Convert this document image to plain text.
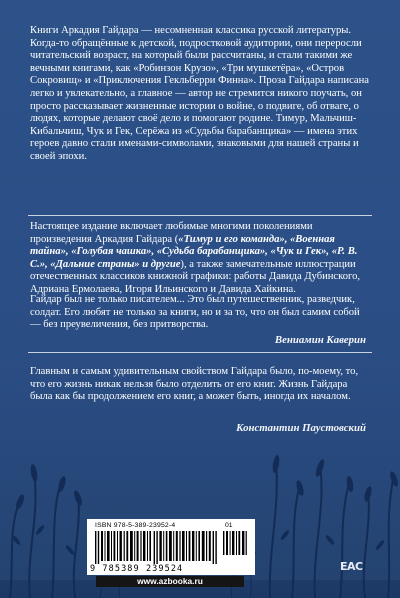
Книги Аркадия Гайдара — несомненная классика русской литературы. Когда-то обращённые к детской, подростковой аудитории, они переросли читательский возраст, на который были рассчитаны, и стали такими же вечными книгами, как «Робинзон Крузо», «Три мушкетёра», «Остров Сокровищ» и «Приключения Гекльберри Финна». Проза Гайдара написана легко и увлекательно, а главное — автор не стремится никого поучать, он просто рассказывает жизненные истории о войне, о подвиге, об отваге, о людях, которые делают своё дело и помогают родине. Тимур, Мальчиш-Кибальчиш, Чук и Гек, Серёжа из «Судьбы барабанщика» — имена этих героев давно стали именами-символами, знаковыми для нашей страны и своей эпохи.

Настоящее издание включает любимые многими поколениями произведения Аркадия Гайдара («Тимур и его команда», «Военная тайна», «Голубая чашка», «Судьба барабанщика», «Чук и Гек», «Р. В. С.», «Дальние страны» и другие), а также замечательные иллюстрации отечественных классиков книжной графики: работы Давида Дубинского, Адриана Ермолаева, Игоря Ильинского и Давида Хайкина.

Гайдар был не только писателем... Это был путешественник, разведчик, солдат. Его любят не только за книги, но и за то, что он был самим собой — без преувеличения, без притворства.

Вениамин Каверин

Главным и самым удивительным свойством Гайдара было, по-моему, то, что его жизнь никак нельзя было отделить от его книг. Жизнь Гайдара была как бы продолжением его книг, а может быть, иногда их началом.

Константин Паустовский
ISBN 978-5-389-23952-4	01
9 785389 239524
www.azbooka.ru
ЕАС
